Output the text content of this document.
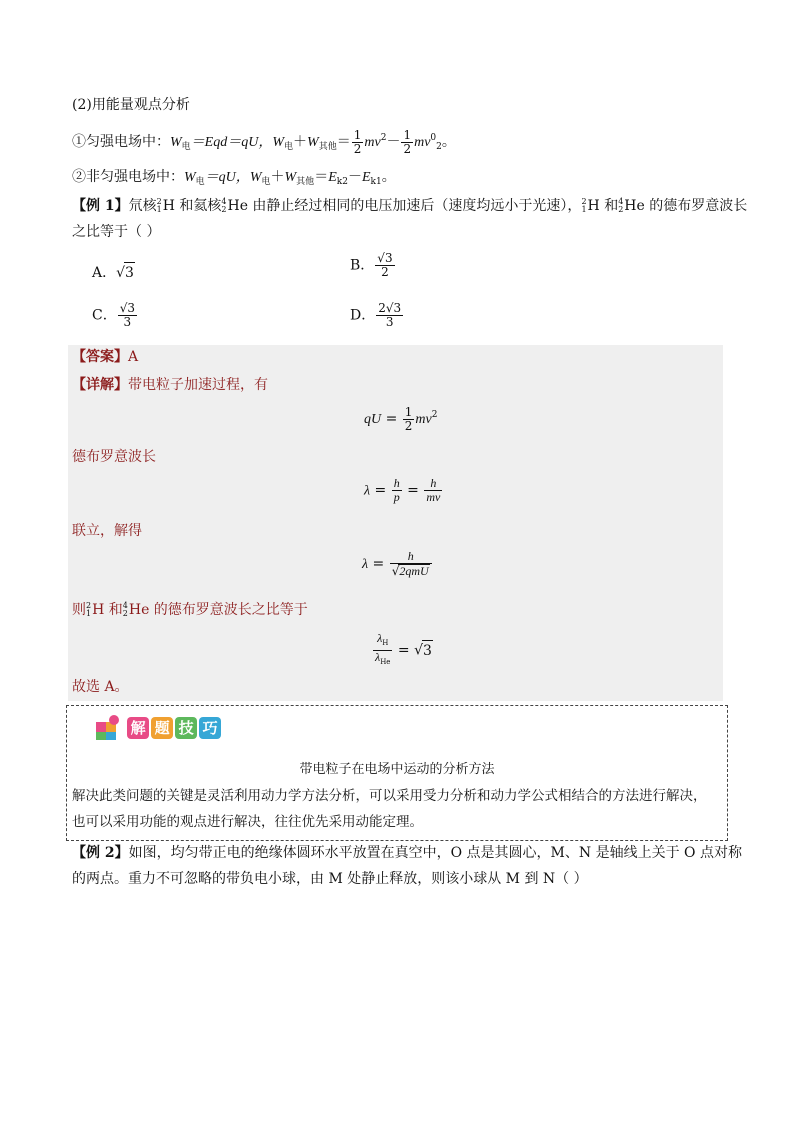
(2)用能量观点分析
①匀强电场中：$W_电=Eqd=qU$，$W_电+W_{其他}= \frac{1}{2} mv^2- \frac{1}{2} mv^0_2$。
②非匀强电场中：$W_电=qU$，$W_电+W_{其他}=E_{k2}-E_{k1}$。
【例 1】氘核2
1H 和氦核4
2He 由静止经过相同的电压加速后（速度均远小于光速），2
1H 和4
2He 的德布罗意波长
之比等于（ ）
A．√3	B． $\frac{√3}{2}$
C． $\frac{√3}{3}$	D． $\frac{2√3}{3}$
【答案】A
【详解】带电粒子加速过程，有
qU = $\frac{1}{2} mv^2$
德布罗意波长
$\lambda = \frac{h}{p} = \frac{h}{mv}$
联立，解得
$\lambda = \frac{h}{\text{√2qmU}}$
则2
1H 和4
2He 的德布罗意波长之比等于
$\frac{\lambda_H}{\lambda_{He}} = √3$
故选 A。
解 题 技 巧
带电粒子在电场中运动的分析方法
解决此类问题的关键是灵活利用动力学方法分析，可以采用受力分析和动力学公式相结合的方法进行解决，
也可以采用功能的观点进行解决，往往优先采用动能定理。
【例 2】如图，均匀带正电的绝缘体圆环水平放置在真空中，O 点是其圆心，M、N 是轴线上关于 O 点对称
的两点。重力不可忽略的带负电小球，由 M 处静止释放，则该小球从 M 到 N（ ）
